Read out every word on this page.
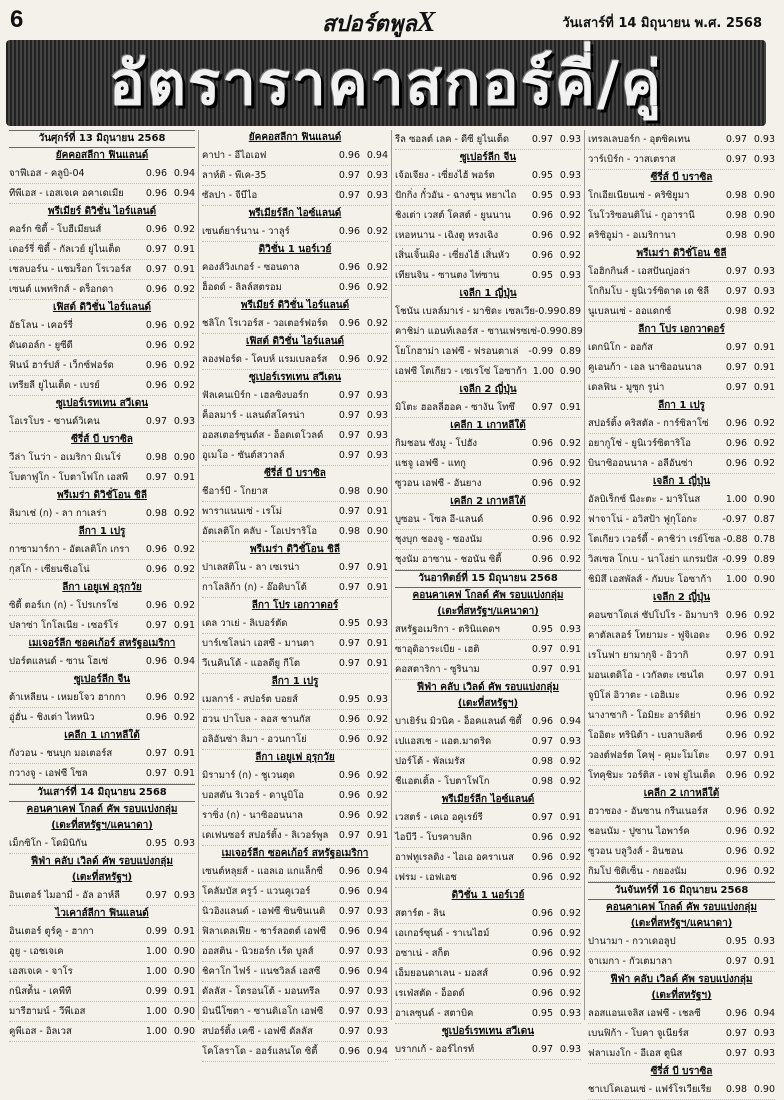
6	สปอร์ตพูลX	วันเสาร์ที่ 14 มิถุนายน พ.ศ. 2568
อัตราราคาสกอร์คี่/คู่
วันศุกร์ที่ 13 มิถุนายน 2568
ยัคคอสลีกา ฟินแลนด์
จาฟีเอส - คลูบิ-04	0.96 0.94
ทีพีเอส - เอสเจเค อคาเดเมีย	0.96 0.94
พรีเมียร์ ดิวิชั่น ไอร์แลนด์
คอร์ก ซิตี้ - โบฮีเมียนส์	0.96 0.92
เดอร์รี่ ซิตี้ - กัลเวย์ ยูไนเต็ด	0.97 0.91
เชลบอร์น - แชมร็อก โรเวอร์ส	0.97 0.91
เซนต์ แพทริกส์ - ดร็อกดา	0.96 0.92
เฟิสต์ ดิวิชั่น ไอร์แลนด์
อัธโลน - เคอร์รี่	0.96 0.92
ดันดอล์ก - ยูซีดี	0.96 0.92
ฟินน์ ฮาร์ปส์ - เว็กซ์ฟอร์ด	0.96 0.92
เทรียลี ยูไนเต็ด - เบรย์	0.96 0.92
ซูเปอร์เรทเทน สวีเดน
โอเรโบร - ซานด์วิเคน	0.97 0.93
ซีรี่ส์ บี บราซิล
วีล่า โนว่า - อเมริกา มิเนโร่	0.98 0.90
โบตาฟูโก - โบตาโฟโก เอสพี	0.97 0.91
พรีเมร่า ดิวิชั่โอน ชิลี
ลิมาเช่ (ก) - ลา กาเลร่า	0.98 0.92
ลีกา 1 เปรู
กาซามาร์กา - อัตเลติโก เกรา	0.96 0.92
กุสโก - เซียนชีเอโน่	0.96 0.92
ลีกา เอยูเฟ อุรุกวัย
ซิตี้ ตอร์เก (ก) - โปรเกรโซ่	0.96 0.92
ปลาซ่า โกโลเนีย - เซอร์โร่	0.97 0.91
เมเจอร์ลีก ซอคเก้อร์ สหรัฐอเมริกา
ปอร์ตแลนด์ - ซาน โฮเซ่	0.96 0.94
ซูเปอร์ลีก จีน
ต้าเหลียน - เหมยโจว ฮากกา	0.96 0.92
อู่ฮั่น - ชิงเต่า ไหหนิว	0.96 0.92
เคลีก 1 เกาหลีใต้
กังวอน - ชนบุก มอเตอร์ส	0.97 0.91
กวางจู - เอฟซี โซล	0.97 0.91
วันเสาร์ที่ 14 มิถุนายน 2568
คอนคาเคฟ โกลด์ คัพ รอบแบ่งกลุ่ม
(เตะที่สหรัฐฯ/แคนาดา)
เม็กซิโก - โดมินิกัน	0.95 0.93
ฟีฟ่า คลับ เวิลด์ คัพ รอบแบ่งกลุ่ม
(เตะที่สหรัฐฯ)
อินเตอร์ ไมอามี่ - อัล อาห์ลี	0.97 0.93
ไวเคาส์ลีกา ฟินแลนด์
อินเตอร์ ตูร์คู - ฮากา	0.99 0.91
อูยู - เอชเจเค	1.00 0.90
เอสเจเค - จาโร	1.00 0.90
กนิสต์ัน - เคพีที	0.99 0.91
มารีฮามน์ - วีพีเอส	1.00 0.90
คูพีเอส - อิลเวส	1.00 0.90
ยัคคอสลีกา ฟินแลนด์
คาปา - อีไอเอฟ	0.96 0.94
ลาห์ติ - พีเค-35	0.97 0.93
ซัลปา - จีบีไอ	0.97 0.93
พรีเมียร์ลีก ไอซ์แลนด์
เซนต์ยาร์นาน - วาลูร์	0.96 0.92
ดิวิชั่น 1 นอร์เวย์
คองส์วิงเกอร์ - ซอนดาล	0.96 0.92
ฮ็อดด์ - ลิลล์สตรอม	0.96 0.92
พรีเมียร์ ดิวิชั่น ไอร์แลนด์
ชลิโก โรเวอร์ส - วอเตอร์ฟอร์ด	0.96 0.92
เฟิสต์ ดิวิชั่น ไอร์แลนด์
ลองฟอร์ด - โคบห์ แรมเบลอร์ส	0.96 0.92
ซูเปอร์เรทเทน สวีเดน
ฟัลเคนเบิร์ก - เฮลซิงบอร์ก	0.97 0.93
ค็อลมาร์ - แลนด์สโครน่า	0.97 0.93
ออสเตอร์ซุนด์ส - อ็อดเดโวลด์	0.97 0.93
อูเมโอ - ซันต์สวาลล์	0.97 0.93
ซีรี่ส์ บี บราซิล
ชีอาร์บี - โกยาส	0.98 0.90
พาราแนนเซ่ - เรโม่	0.97 0.91
อัตเลติโก คลับ - โอเปราริโอ	0.98 0.90
พรีเมร่า ดิวิชั่โอน ชิลี
ปาเลสติโน - ลา เซเรน่า	0.97 0.91
กาโลลิก้า (ก) - อ๊อดิบาโต้	0.97 0.91
ลีกา โปร เอกวาดอร์
เดล วาเย่ - ลิเบอร์ตัด	0.95 0.93
บาร์เซโลน่า เอสซี - มานตา	0.97 0.91
วีเนคินโด้ - แอลดียู กีโต	0.97 0.91
ลีกา 1 เปรู
เมลการ์ - สปอร์ต บอยส์	0.95 0.93
ฮวน ปาโบล - ลอส ชานกัส	0.96 0.92
อลิอันซ่า ลิมา - อวนกาโย่	0.96 0.92
ลีกา เอยูเฟ อุรุกวัย
มิรามาร์ (ก) - ชูเวนตุด	0.96 0.92
บอสตัน ริเวอร์ - ดานูบิโอ	0.96 0.92
ราซิ่ง (ก) - นาซิออนนาล	0.96 0.92
เดเฟนซอร์ สปอร์ติ้ง - ลิเวอร์พูล	0.97 0.91
เมเจอร์ลีก ซอคเก้อร์ สหรัฐอเมริกา
เซนต์หลุยส์ - แอลเอ แกแล็กซี่	0.96 0.94
โคลัมบัส ครูว์ - แวนคูเวอร์	0.96 0.94
นิวอิงแลนด์ - เอฟซี ซินซินเนติ	0.97 0.93
ฟิลาเดลเฟีย - ชาร์ลอตต์ เอฟซี	0.96 0.94
ออสติน - นิวยอร์ก เร้ด บูลส์	0.97 0.93
ชิคาโก ไฟร์ - แนชวิลล์ เอสซี	0.96 0.94
ดัลลัส - โตรอนโต้ - มอนทรีล	0.97 0.93
มินนีโซตา - ซานดิเอโก เอฟซี	0.97 0.93
สปอร์ติ้ง เคซี - เอฟซี ดัลลัส	0.97 0.93
โคโลราโด - ออร์แลนโด ซิตี้	0.96 0.94
รีล ซอลต์ เลค - ดีซี ยูไนเต็ด	0.97 0.93
ซูเปอร์ลีก จีน
เจ้อเจียง - เซี่ยงไฮ้ พอร์ต	0.95 0.93
ปักกิ่ง กั๋วอัน - ฉางชุน หยาเไถ	0.95 0.93
ชิงเต่า เวสต์ โคสต์ - ยูนนาน	0.96 0.92
เหอหนาน - เฉิงตู หรงเฉิง	0.96 0.92
เสิ่นเจิ้นเผิง - เซี่ยงไฮ้ เสิ่นหัว	0.96 0.92
เทียนจิน - ซานตง ไท่ซาน	0.95 0.93
เจลีก 1 ญี่ปุ่น
โชนัน เบลล์มาเร่ - มาชิดะ เซลเวีย -0.99 0.89
คาชิม่า แอนท์เลอร์ส - ซานเฟรซเซ่ -0.99 0.89
โยโกฮาม่า เอฟซี - ฟรอนตาเล่	-0.99 0.89
เอฟซี โตเกียว - เซเรโซ่ โอซาก้า 1.00 0.90
เจลีก 2 ญี่ปุ่น
มิโตะ ฮอลลี่ฮอค - ซางัน โทซึ	0.97 0.91
เคลีก 1 เกาหลีใต้
กิมชอน ซังมู - โปฮัง	0.96 0.92
แชจู เอฟซี - แทกู	0.96 0.92
ซูวอน เอฟซี - อันยาง	0.96 0.92
เคลีก 2 เกาหลีใต้
บูซอน - โซล อี-แลนด์	0.96 0.92
ชุงบุก ชองจู - ซองนัม	0.96 0.92
ชุงนัม อาซาน - ชอนัน ซิตี้	0.96 0.92
วันอาทิตย์ที่ 15 มิถุนายน 2568
คอนคาเคฟ โกลด์ คัพ รอบแบ่งกลุ่ม
(เตะที่สหรัฐฯ/แคนาดา)
สหรัฐอเมริกา - ตรินิแดดฯ	0.95 0.93
ซาอุดิอาระเบีย - เฮติ	0.97 0.91
คอสตาริกา - ซูรินาม	0.97 0.91
ฟีฟ่า คลับ เวิลด์ คัพ รอบแบ่งกลุ่ม
(เตะที่สหรัฐฯ)
บาเยิร์น มิวนิค - อ็อคแลนด์ ซิตี้	0.96 0.94
เปแอสเช - แอต.มาดริด	0.97 0.93
ปอร์โต้ - พัลเมรัส	0.98 0.92
ชีแอตเติ้ล - โบตาโฟโก	0.98 0.92
พรีเมียร์ลีก ไอซ์แลนด์
เวสตร์ - เคเอ อคูเรย์รี	0.97 0.91
ไอบีวี - โบรคาบลิก	0.96 0.92
อาฟทูเรลดิง - ไอเอ อคราเนส	0.96 0.92
เฟรม - เอฟเอช	0.96 0.92
ดิวิชั่น 1 นอร์เวย์
สตาร์ต - ลิน	0.96 0.92
เอเกอร์ซุนด์ - ราเนไฮม์	0.96 0.92
อซาเน่ - สก็ต	0.96 0.92
เอ็มยอนดาเลน - มอสส์	0.96 0.92
เรเฟ่สตัด - อ็อดด์	0.96 0.92
อาเลซุนด์ - สตาบิค	0.95 0.93
ซูเปอร์เรทเทน สวีเดน
บรากเก้ - ออร์ไกรท์	0.97 0.93
เทรลเลบอร์ก - อุตซิคเทน	0.97 0.93
วาร์เบิร์ก - วาสเตราส	0.97 0.93
ซีรี่ส์ บี บราซิล
โกเอียเนียนเซ่ - คริซิยูมา	0.98 0.90
โนโวริซอนติโน่ - กูอารานี	0.98 0.90
คริซิอูม่า - อเมริกานา	0.98 0.90
พรีเมร่า ดิวิชั่โอน ชิลี
โอฮิกกินส์ - เอสปันญ่อล่า	0.97 0.93
โกกิมโบ - ยูนิเวร์ซิดาด เด ชิลี	0.97 0.93
นูเบลนเซ่ - ออแดกซ์	0.98 0.92
ลีกา โปร เอกวาดอร์
เดกนิโก - ออกัส	0.97 0.91
คูเอนก้า - เอล นาซิออนนาล	0.97 0.91
เดลฟิน - มูซุก รูน่า	0.97 0.91
ลีกา 1 เปรู
สปอร์ติ้ง คริสตัล - การ์ซิลาโซ่	0.96 0.92
อยากูโช่ - ยูนิเวร์ซิตาริโอ	0.96 0.92
บินาซิออนนาล - อลีอันซ่า	0.96 0.92
เจลีก 1 ญี่ปุ่น
อัลบิเร็กซ์ นีงะตะ - มาริโนส	1.00 0.90
ฟาจาโน่ - อวิสป้า ฟูกุโอกะ	-0.97 0.87
โตเกียว เวอร์ดี้ - คาชิว่า เรย์โซล -0.88 0.78
วิสเซล โกเบ - นาโงย่า แกรมปัส -0.99 0.89
ชิมิสึ เอสพัลส์ - กัมบะ โอซาก้า	1.00 0.90
เจลีก 2 ญี่ปุ่น
คอนซาโดเล่ ซัปโปโร - อิมาบาริ 0.96 0.92
คาตัลเลอร์ โทยามะ - ฟูจิเอดะ	0.96 0.92
เรโนฟา ยามากุจิ - อิวากิ	0.97 0.91
มอนเตดิโอ - เวกัลตะ เซนได	0.97 0.91
จูบิโล่ อิวาตะ - เอฮิเมะ	0.96 0.92
นางาซากิ - โอมิยะ อาร์ดิย่า	0.96 0.92
โออิตะ ทรินิต้า - เบลาบลิตซ์	0.96 0.92
วองต์ฟอร์ต โคฟุ - คุมะโมโตะ	0.97 0.91
โทคุชิมะ วอร์ติส - เจฟ ยูไนเต็ด	0.96 0.92
เคลีก 2 เกาหลีใต้
ฮวาซอง - อันซาน กรีนเนอร์ส	0.96 0.92
ชอนนัม - ปูซาน ไอพาร์ค	0.96 0.92
ซูวอน บลูวิงส์ - อินชอน	0.96 0.92
กิมโป ซิติเซ็น - กยองนัม	0.96 0.92
วันจันทร์ที่ 16 มิถุนายน 2568
คอนคาเคฟ โกลด์ คัพ รอบแบ่งกลุ่ม
(เตะที่สหรัฐฯ/แคนาดา)
ปานามา - กวาเดอลูป	0.95 0.93
จาเมกา - กัวเตมาลา	0.97 0.91
ฟีฟ่า คลับ เวิลด์ คัพ รอบแบ่งกลุ่ม
(เตะที่สหรัฐฯ)
ลอสแอนเจลิส เอฟซี - เชลซี	0.96 0.94
เบนฟิก้า - โบคา จูเนียร์ส	0.97 0.93
ฟลาเมงโก - อีเอส ตูนิส	0.97 0.93
ซีรี่ส์ บี บราซิล
ชาเปโคเอนเซ่ - แฟร์โรเวียเรีย	0.98 0.90
